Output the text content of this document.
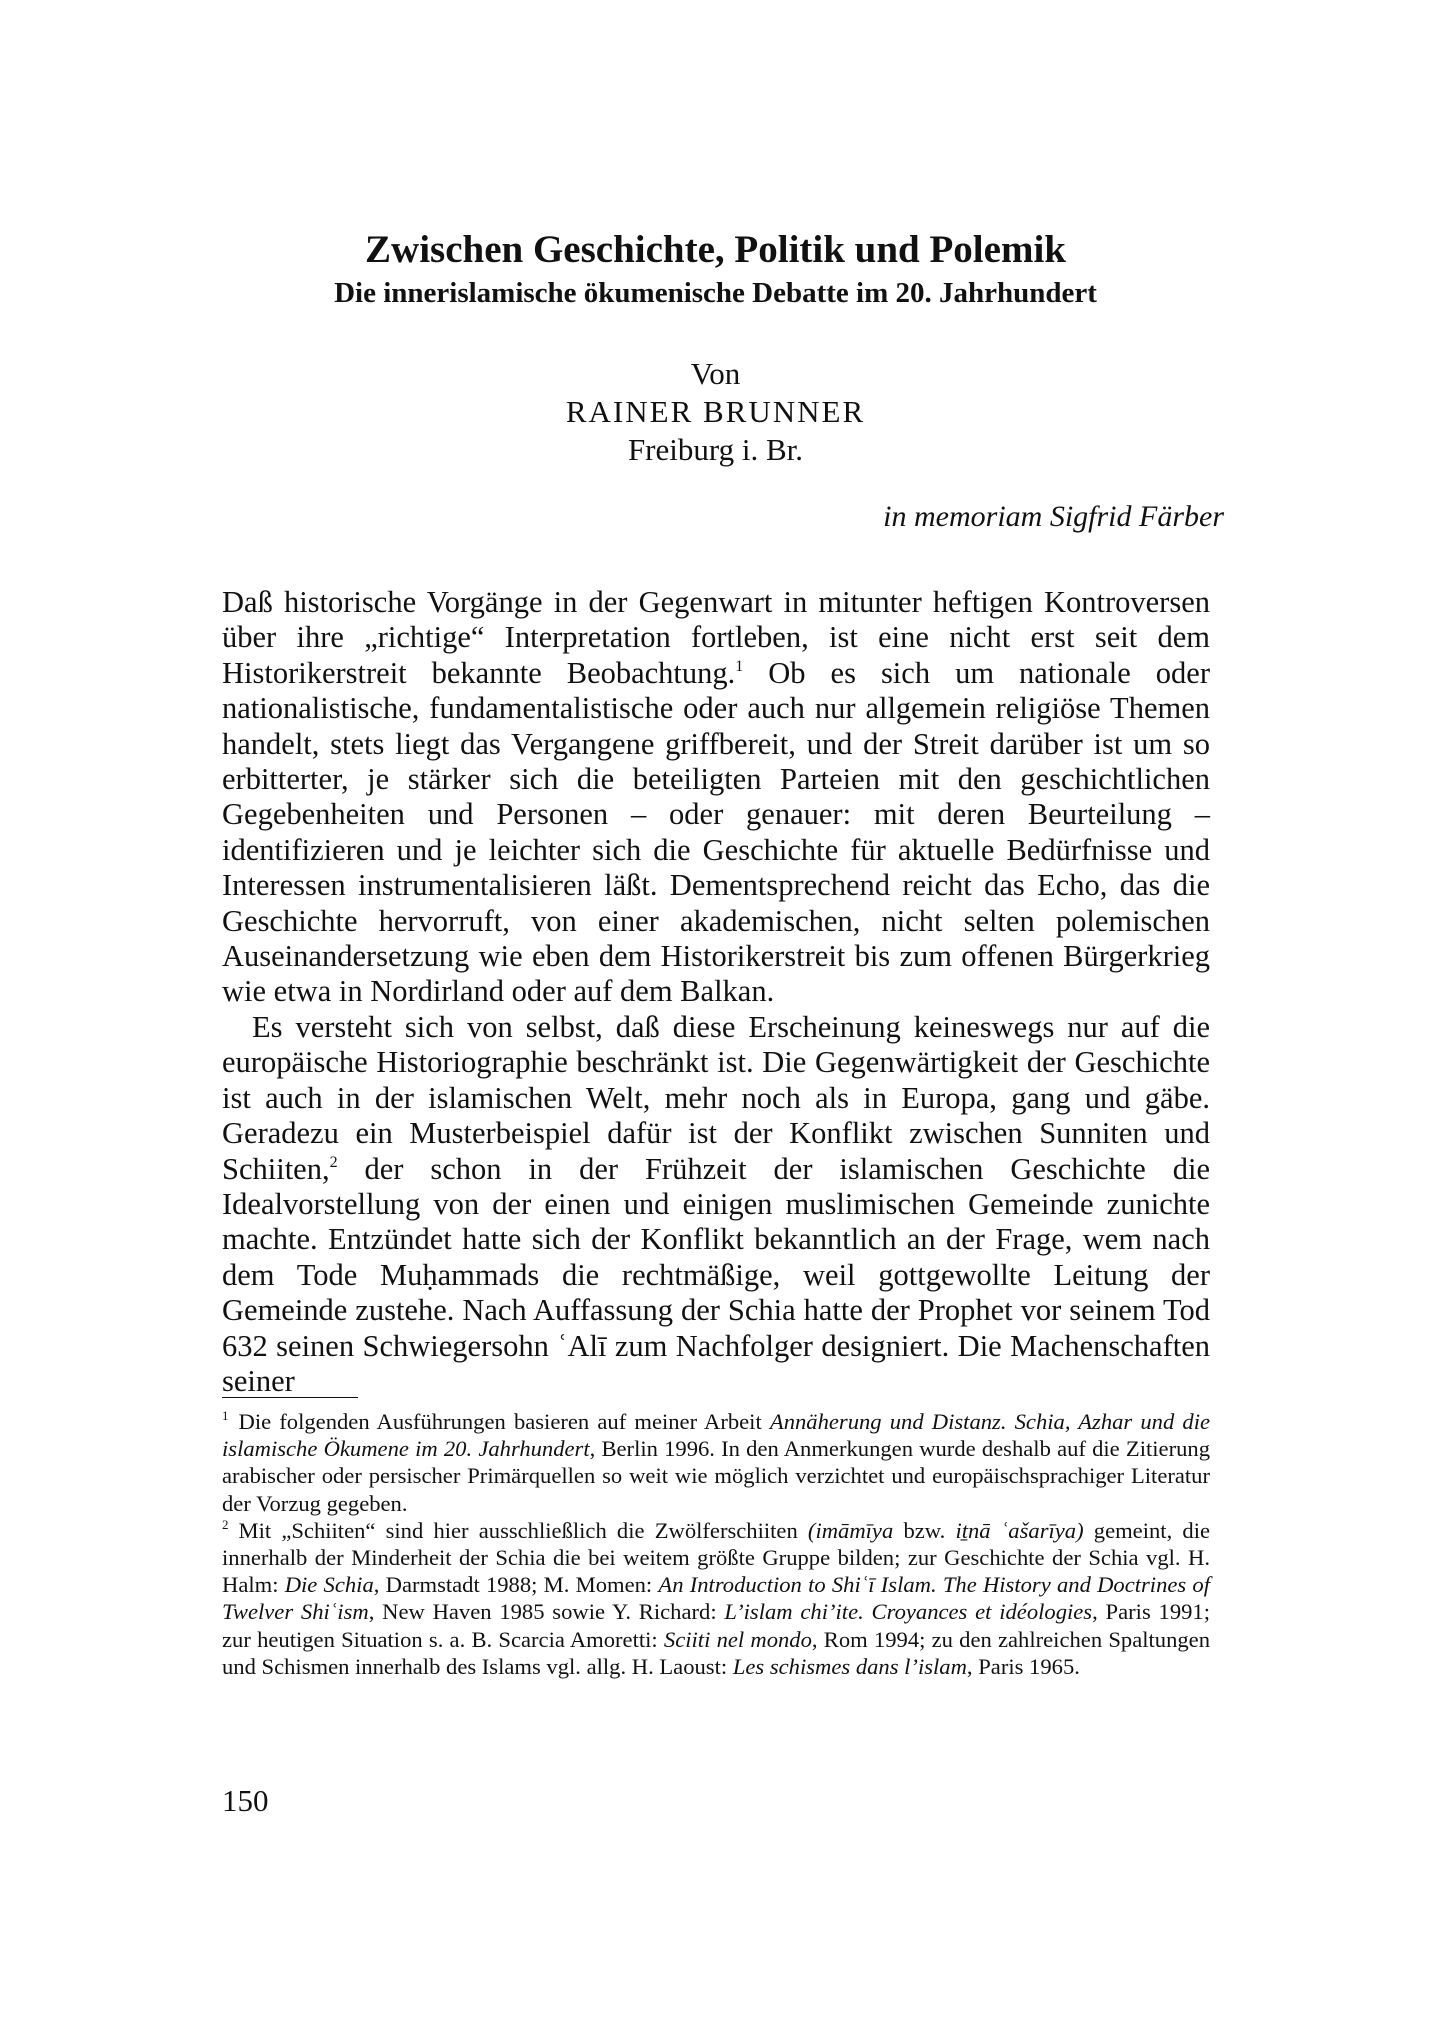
Zwischen Geschichte, Politik und Polemik
Die innerislamische ökumenische Debatte im 20. Jahrhundert
Von
RAINER BRUNNER
Freiburg i. Br.
in memoriam Sigfrid Färber

Daß historische Vorgänge in der Gegenwart in mitunter heftigen Kontroversen über ihre „richtige“ Interpretation fortleben, ist eine nicht erst seit dem Historikerstreit bekannte Beobachtung.$^1$ Ob es sich um nationale oder nationalistische, fundamentalistische oder auch nur allgemein religiöse Themen handelt, stets liegt das Vergangene griffbereit, und der Streit darüber ist um so erbitterter, je stärker sich die beteiligten Parteien mit den geschichtlichen Gegebenheiten und Personen – oder genauer: mit deren Beurteilung – identifizieren und je leichter sich die Geschichte für aktuelle Bedürfnisse und Interessen instrumentalisieren läßt. Dementsprechend reicht das Echo, das die Geschichte hervorruft, von einer akademischen, nicht selten polemischen Auseinandersetzung wie eben dem Historikerstreit bis zum offenen Bürgerkrieg wie etwa in Nordirland oder auf dem Balkan.

Es versteht sich von selbst, daß diese Erscheinung keineswegs nur auf die europäische Historiographie beschränkt ist. Die Gegenwärtigkeit der Geschichte ist auch in der islamischen Welt, mehr noch als in Europa, gang und gäbe. Geradezu ein Musterbeispiel dafür ist der Konflikt zwischen Sunniten und Schiiten,$^2$ der schon in der Frühzeit der islamischen Geschichte die Idealvorstellung von der einen und einigen muslimischen Gemeinde zunichte machte. Entzündet hatte sich der Konflikt bekanntlich an der Frage, wem nach dem Tode Muḥammads die rechtmäßige, weil gottgewollte Leitung der Gemeinde zustehe. Nach Auffassung der Schia hatte der Prophet vor seinem Tod 632 seinen Schwiegersohn ʿAlī zum Nachfolger designiert. Die Machenschaften seiner

$^1$ Die folgenden Ausführungen basieren auf meiner Arbeit Annäherung und Distanz. Schia, Azhar und die islamische Ökumene im 20. Jahrhundert, Berlin 1996. In den Anmerkungen wurde deshalb auf die Zitierung arabischer oder persischer Primärquellen so weit wie möglich verzichtet und europäischsprachiger Literatur der Vorzug gegeben.

$^2$ Mit „Schiiten“ sind hier ausschließlich die Zwölferschiiten (imāmīya bzw. iṯnā ʿašarīya) gemeint, die innerhalb der Minderheit der Schia die bei weitem größte Gruppe bilden; zur Geschichte der Schia vgl. H. Halm: Die Schia, Darmstadt 1988; M. Momen: An Introduction to Shiʿī Islam. The History and Doctrines of Twelver Shiʿism, New Haven 1985 sowie Y. Richard: L’islam chi’ite. Croyances et idéologies, Paris 1991; zur heutigen Situation s. a. B. Scarcia Amoretti: Sciiti nel mondo, Rom 1994; zu den zahlreichen Spaltungen und Schismen innerhalb des Islams vgl. allg. H. Laoust: Les schismes dans l’islam, Paris 1965.

150
